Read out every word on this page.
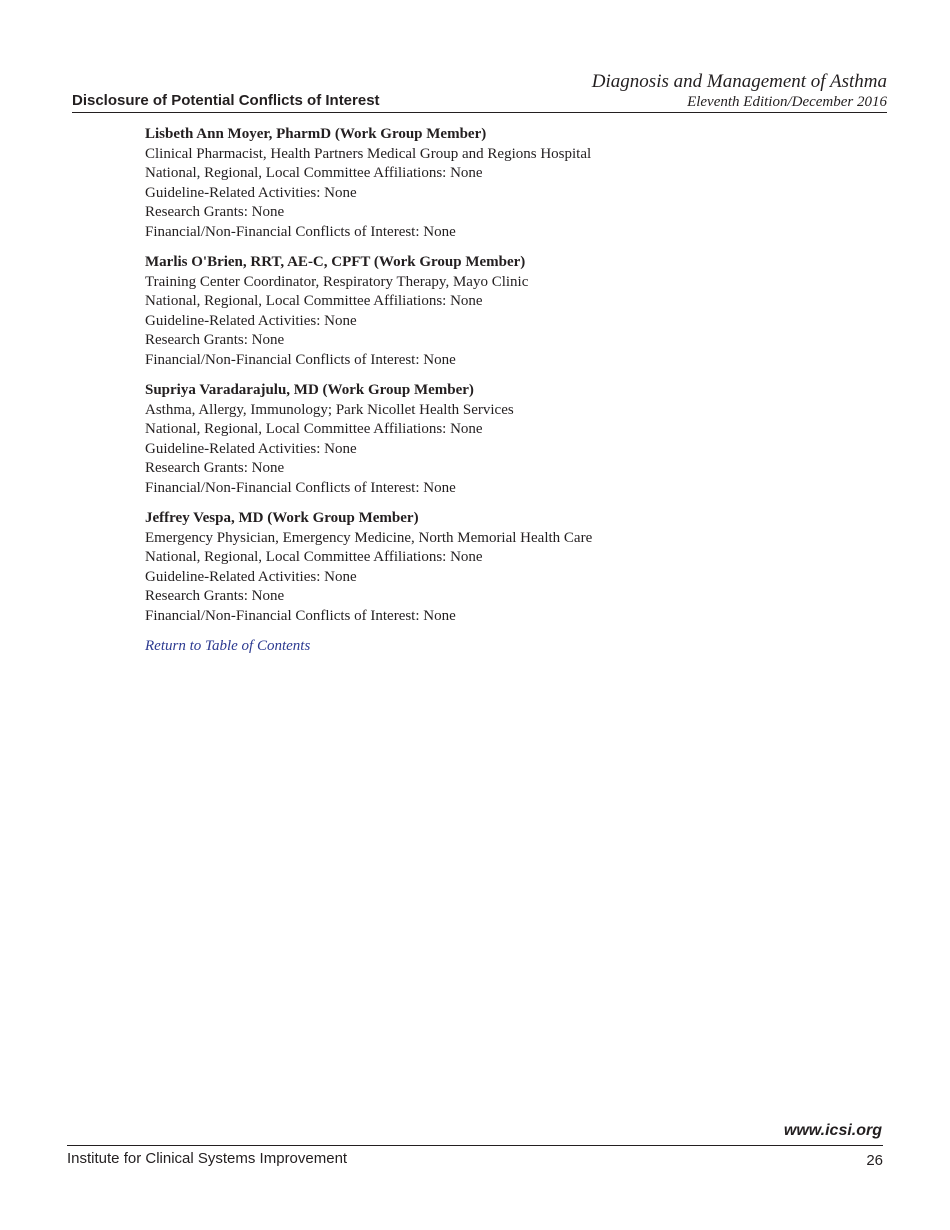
Disclosure of Potential Conflicts of Interest
Diagnosis and Management of Asthma
Eleventh Edition/December 2016
Lisbeth Ann Moyer, PharmD (Work Group Member)
Clinical Pharmacist, Health Partners Medical Group and Regions Hospital
National, Regional, Local Committee Affiliations: None
Guideline-Related Activities: None
Research Grants: None
Financial/Non-Financial Conflicts of Interest: None
Marlis O'Brien, RRT, AE-C, CPFT (Work Group Member)
Training Center Coordinator, Respiratory Therapy, Mayo Clinic
National, Regional, Local Committee Affiliations: None
Guideline-Related Activities: None
Research Grants: None
Financial/Non-Financial Conflicts of Interest: None
Supriya Varadarajulu, MD (Work Group Member)
Asthma, Allergy, Immunology; Park Nicollet Health Services
National, Regional, Local Committee Affiliations: None
Guideline-Related Activities: None
Research Grants: None
Financial/Non-Financial Conflicts of Interest: None
Jeffrey Vespa, MD (Work Group Member)
Emergency Physician, Emergency Medicine, North Memorial Health Care
National, Regional, Local Committee Affiliations: None
Guideline-Related Activities: None
Research Grants: None
Financial/Non-Financial Conflicts of Interest: None
Return to Table of Contents
www.icsi.org
Institute for Clinical Systems Improvement	26
